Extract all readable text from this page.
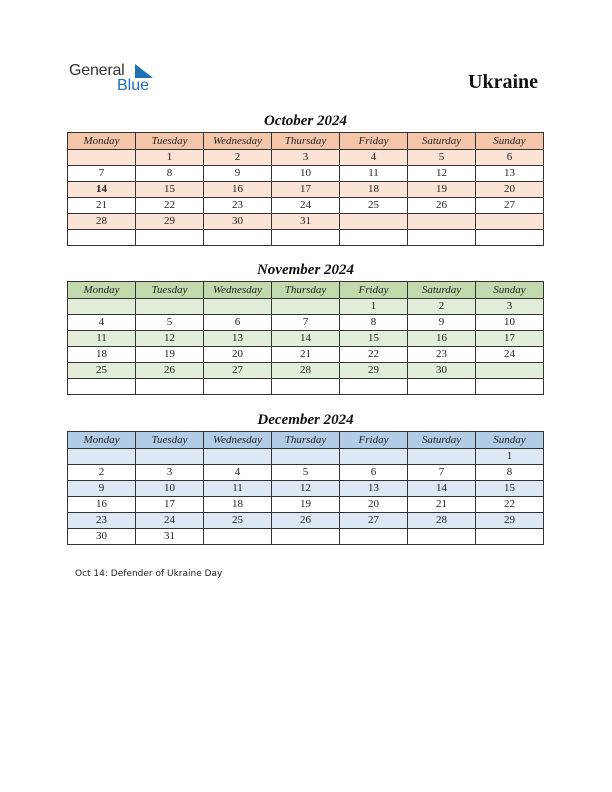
General
Blue	Ukraine
October 2024
Monday	Tuesday	Wednesday	Thursday	Friday	Saturday	Sunday
	1	2	3	4	5	6
7	8	9	10	11	12	13
14	15	16	17	18	19	20
21	22	23	24	25	26	27
28	29	30	31			

November 2024
Monday	Tuesday	Wednesday	Thursday	Friday	Saturday	Sunday
				1	2	3
4	5	6	7	8	9	10
11	12	13	14	15	16	17
18	19	20	21	22	23	24
25	26	27	28	29	30	

December 2024
Monday	Tuesday	Wednesday	Thursday	Friday	Saturday	Sunday
						1
2	3	4	5	6	7	8
9	10	11	12	13	14	15
16	17	18	19	20	21	22
23	24	25	26	27	28	29
30	31					
Oct 14: Defender of Ukraine Day
